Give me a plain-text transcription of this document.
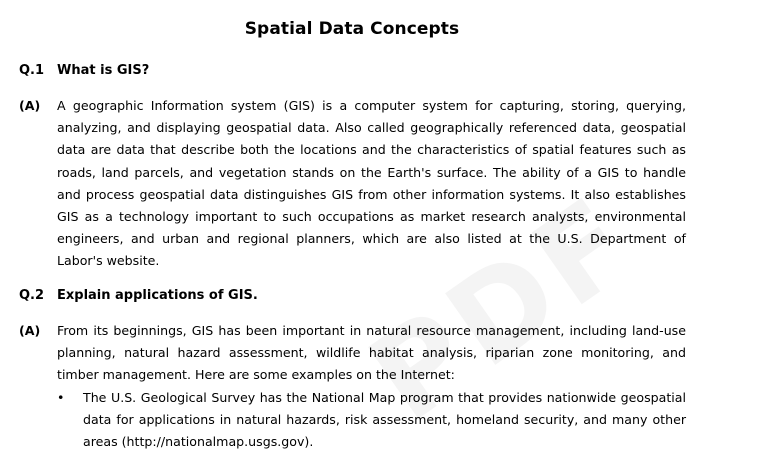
Spatial Data Concepts
Q.1 What is GIS?
(A) A geographic Information system (GIS) is a computer system for capturing, storing, querying, analyzing, and displaying geospatial data. Also called geographically referenced data, geospatial data are data that describe both the locations and the characteristics of spatial features such as roads, land parcels, and vegetation stands on the Earth's surface. The ability of a GIS to handle and process geospatial data distinguishes GIS from other information systems. It also establishes GIS as a technology important to such occupations as market research analysts, environmental engineers, and urban and regional planners, which are also listed at the U.S. Department of Labor's website.
Q.2 Explain applications of GIS.
(A) From its beginnings, GIS has been important in natural resource management, including land-use planning, natural hazard assessment, wildlife habitat analysis, riparian zone monitoring, and timber management. Here are some examples on the Internet:
• The U.S. Geological Survey has the National Map program that provides nationwide geospatial data for applications in natural hazards, risk assessment, homeland security, and many other areas (http://nationalmap.usgs.gov).
